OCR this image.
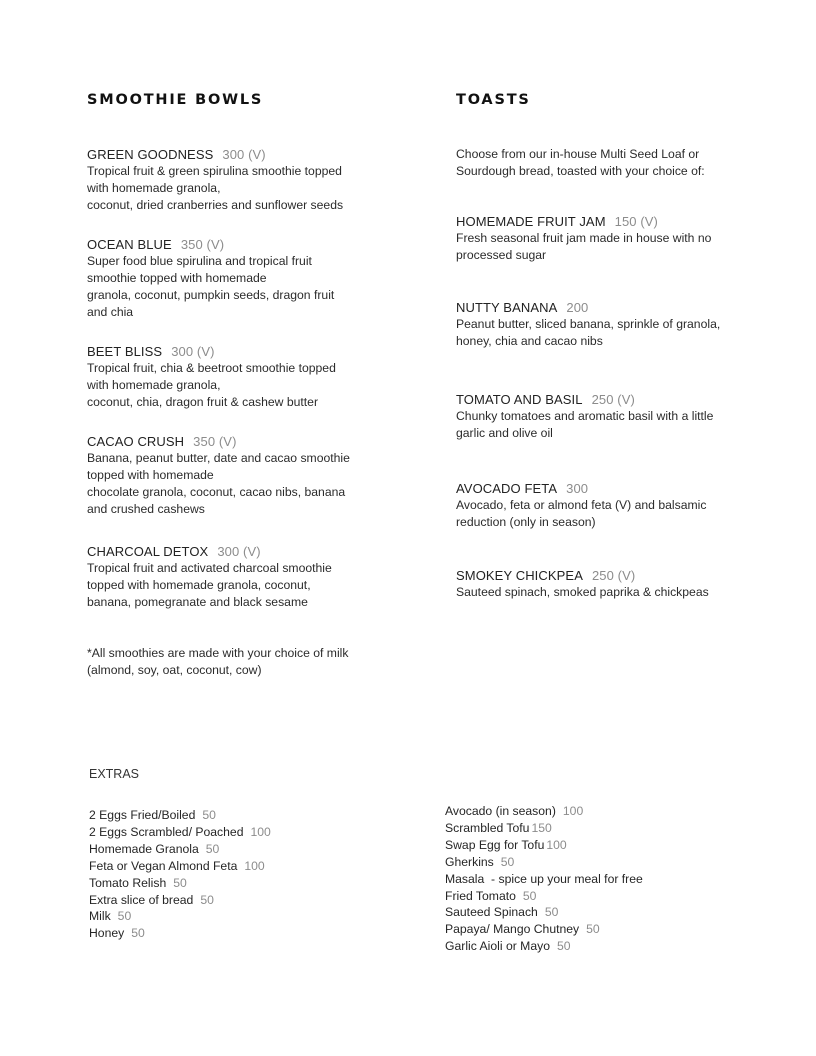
SMOOTHIE BOWLS	TOASTS
GREEN GOODNESS 300 (V)
Tropical fruit & green spirulina smoothie topped
with homemade granola,
coconut, dried cranberries and sunflower seeds
OCEAN BLUE 350 (V)
Super food blue spirulina and tropical fruit
smoothie topped with homemade
granola, coconut, pumpkin seeds, dragon fruit
and chia
BEET BLISS 300 (V)
Tropical fruit, chia & beetroot smoothie topped
with homemade granola,
coconut, chia, dragon fruit & cashew butter
CACAO CRUSH 350 (V)
Banana, peanut butter, date and cacao smoothie
topped with homemade
chocolate granola, coconut, cacao nibs, banana
and crushed cashews
CHARCOAL DETOX 300 (V)
Tropical fruit and activated charcoal smoothie
topped with homemade granola, coconut,
banana, pomegranate and black sesame
*All smoothies are made with your choice of milk
(almond, soy, oat, coconut, cow)
Choose from our in-house Multi Seed Loaf or
Sourdough bread, toasted with your choice of:
HOMEMADE FRUIT JAM 150 (V)
Fresh seasonal fruit jam made in house with no
processed sugar
NUTTY BANANA 200
Peanut butter, sliced banana, sprinkle of granola,
honey, chia and cacao nibs
TOMATO AND BASIL 250 (V)
Chunky tomatoes and aromatic basil with a little
garlic and olive oil
AVOCADO FETA 300
Avocado, feta or almond feta (V) and balsamic
reduction (only in season)
SMOKEY CHICKPEA 250 (V)
Sauteed spinach, smoked paprika & chickpeas
EXTRAS
2 Eggs Fried/Boiled 50
2 Eggs Scrambled/ Poached 100
Homemade Granola 50
Feta or Vegan Almond Feta 100
Tomato Relish 50
Extra slice of bread 50
Milk 50
Honey 50
Avocado (in season) 100
Scrambled Tofu 150
Swap Egg for Tofu 100
Gherkins 50
Masala  - spice up your meal for free
Fried Tomato 50
Sauteed Spinach 50
Papaya/ Mango Chutney 50
Garlic Aioli or Mayo 50
